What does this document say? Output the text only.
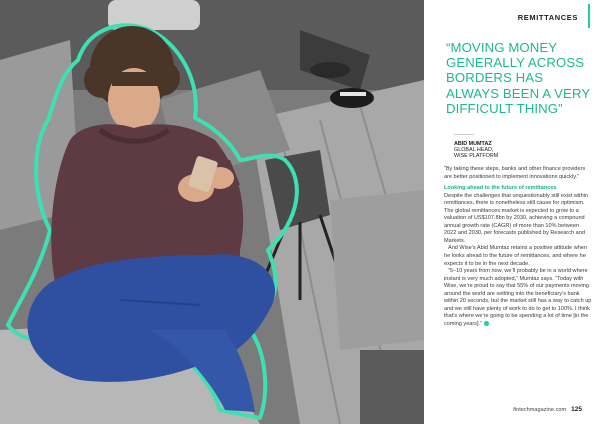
REMITTANCES
“MOVING MONEY GENERALLY ACROSS BORDERS HAS ALWAYS BEEN A VERY DIFFICULT THING”
ABID MUMTAZ
GLOBAL HEAD,
WISE PLATFORM

“By taking these steps, banks and other finance providers are better positioned to implement innovations quickly.”

Looking ahead to the future of remittances

Despite the challenges that unquestionably still exist within remittances, there is nonetheless still cause for optimism. The global remittances market is expected to grow to a valuation of US$107.8bn by 2030, achieving a compound annual growth rate (CAGR) of more than 10% between 2022 and 2030, per forecasts published by Research and Markets.

And Wise’s Abid Mumtaz retains a positive attitude when he looks ahead to the future of remittances, and where he expects it to be in the next decade.

“5–10 years from now, we’ll probably be in a world where instant is very much adopted,” Mumtaz says. “Today with Wise, we’re proud to say that 55% of our payments moving around the world are settling into the beneficiary’s bank within 20 seconds, but the market still has a way to catch up and we still have plenty of work to do to get to 100%. I think that’s where we’re going to be spending a lot of time [in the coming years].”

fintechmagazine.com 125
